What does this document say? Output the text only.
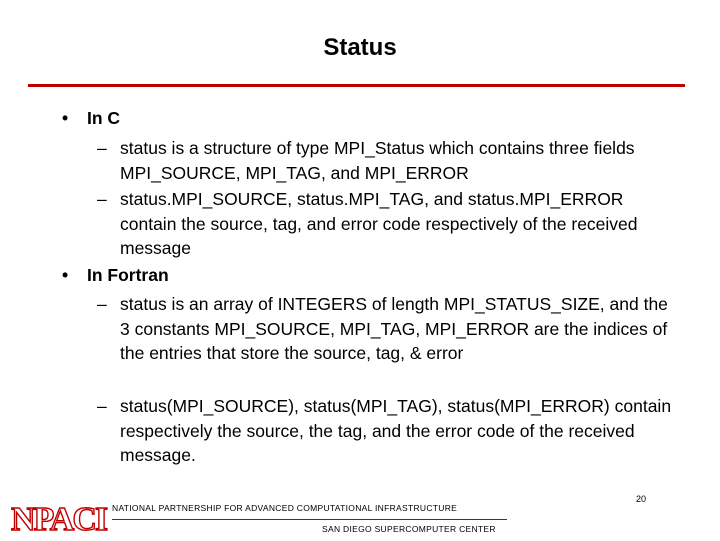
Status
• In C
– status is a structure of type MPI_Status which contains three fields MPI_SOURCE, MPI_TAG, and MPI_ERROR
– status.MPI_SOURCE, status.MPI_TAG, and status.MPI_ERROR contain the source, tag, and error code respectively of the received message
• In Fortran
– status is an array of INTEGERS of length MPI_STATUS_SIZE, and the 3 constants MPI_SOURCE, MPI_TAG, MPI_ERROR are the indices of the entries that store the source, tag, & error
– status(MPI_SOURCE), status(MPI_TAG), status(MPI_ERROR) contain respectively the source, the tag, and the error code of the received message.
NPACI NATIONAL PARTNERSHIP FOR ADVANCED COMPUTATIONAL INFRASTRUCTURE
SAN DIEGO SUPERCOMPUTER CENTER
20
